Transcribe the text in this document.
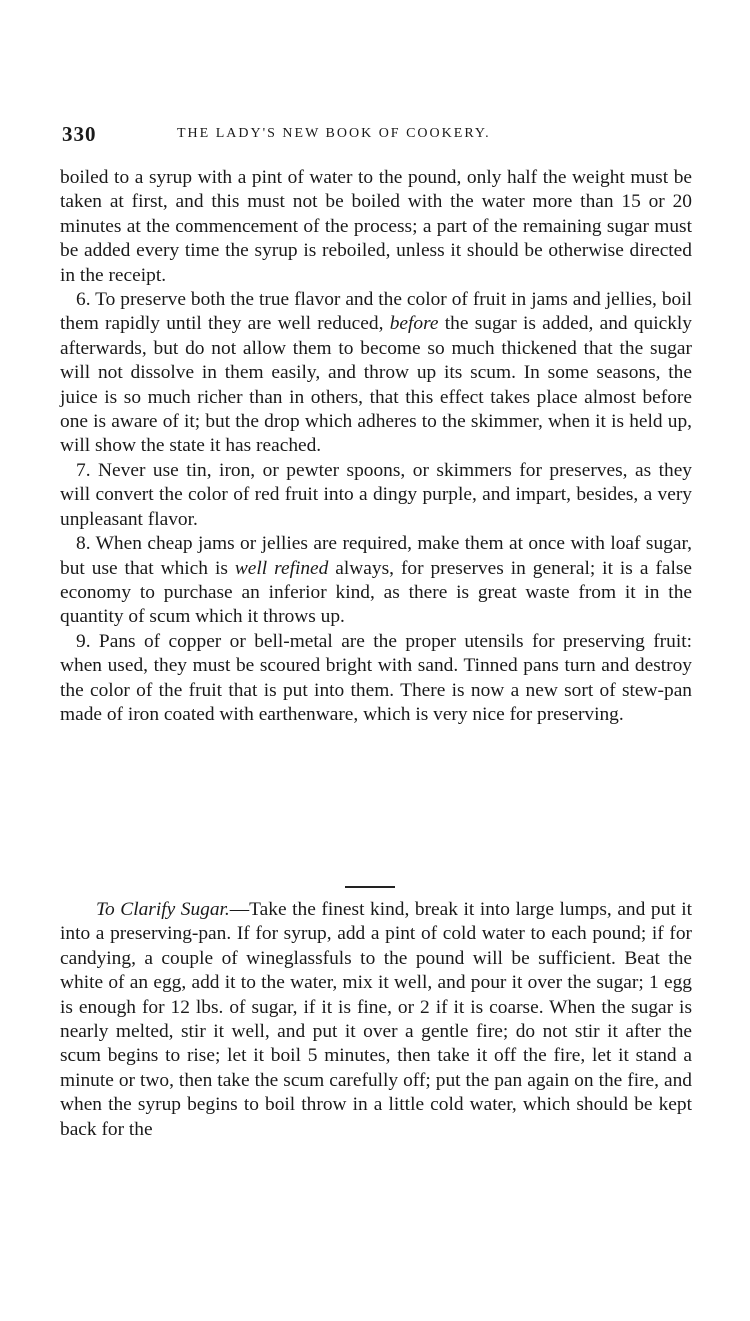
330	THE LADY'S NEW BOOK OF COOKERY.

boiled to a syrup with a pint of water to the pound, only half the weight must be taken at first, and this must not be boiled with the water more than 15 or 20 minutes at the commencement of the process; a part of the remaining sugar must be added every time the syrup is reboiled, unless it should be otherwise directed in the receipt.

6. To preserve both the true flavor and the color of fruit in jams and jellies, boil them rapidly until they are well reduced, before the sugar is added, and quickly afterwards, but do not allow them to become so much thickened that the sugar will not dissolve in them easily, and throw up its scum. In some seasons, the juice is so much richer than in others, that this effect takes place almost before one is aware of it; but the drop which adheres to the skimmer, when it is held up, will show the state it has reached.

7. Never use tin, iron, or pewter spoons, or skimmers for preserves, as they will convert the color of red fruit into a dingy purple, and impart, besides, a very unpleasant flavor.

8. When cheap jams or jellies are required, make them at once with loaf sugar, but use that which is well refined always, for preserves in general; it is a false economy to purchase an inferior kind, as there is great waste from it in the quantity of scum which it throws up.

9. Pans of copper or bell-metal are the proper utensils for preserving fruit: when used, they must be scoured bright with sand. Tinned pans turn and destroy the color of the fruit that is put into them. There is now a new sort of stew-pan made of iron coated with earthenware, which is very nice for preserving.

To Clarify Sugar.—Take the finest kind, break it into large lumps, and put it into a preserving-pan. If for syrup, add a pint of cold water to each pound; if for candying, a couple of wineglassfuls to the pound will be sufficient. Beat the white of an egg, add it to the water, mix it well, and pour it over the sugar; 1 egg is enough for 12 lbs. of sugar, if it is fine, or 2 if it is coarse. When the sugar is nearly melted, stir it well, and put it over a gentle fire; do not stir it after the scum begins to rise; let it boil 5 minutes, then take it off the fire, let it stand a minute or two, then take the scum carefully off; put the pan again on the fire, and when the syrup begins to boil throw in a little cold water, which should be kept back for the
